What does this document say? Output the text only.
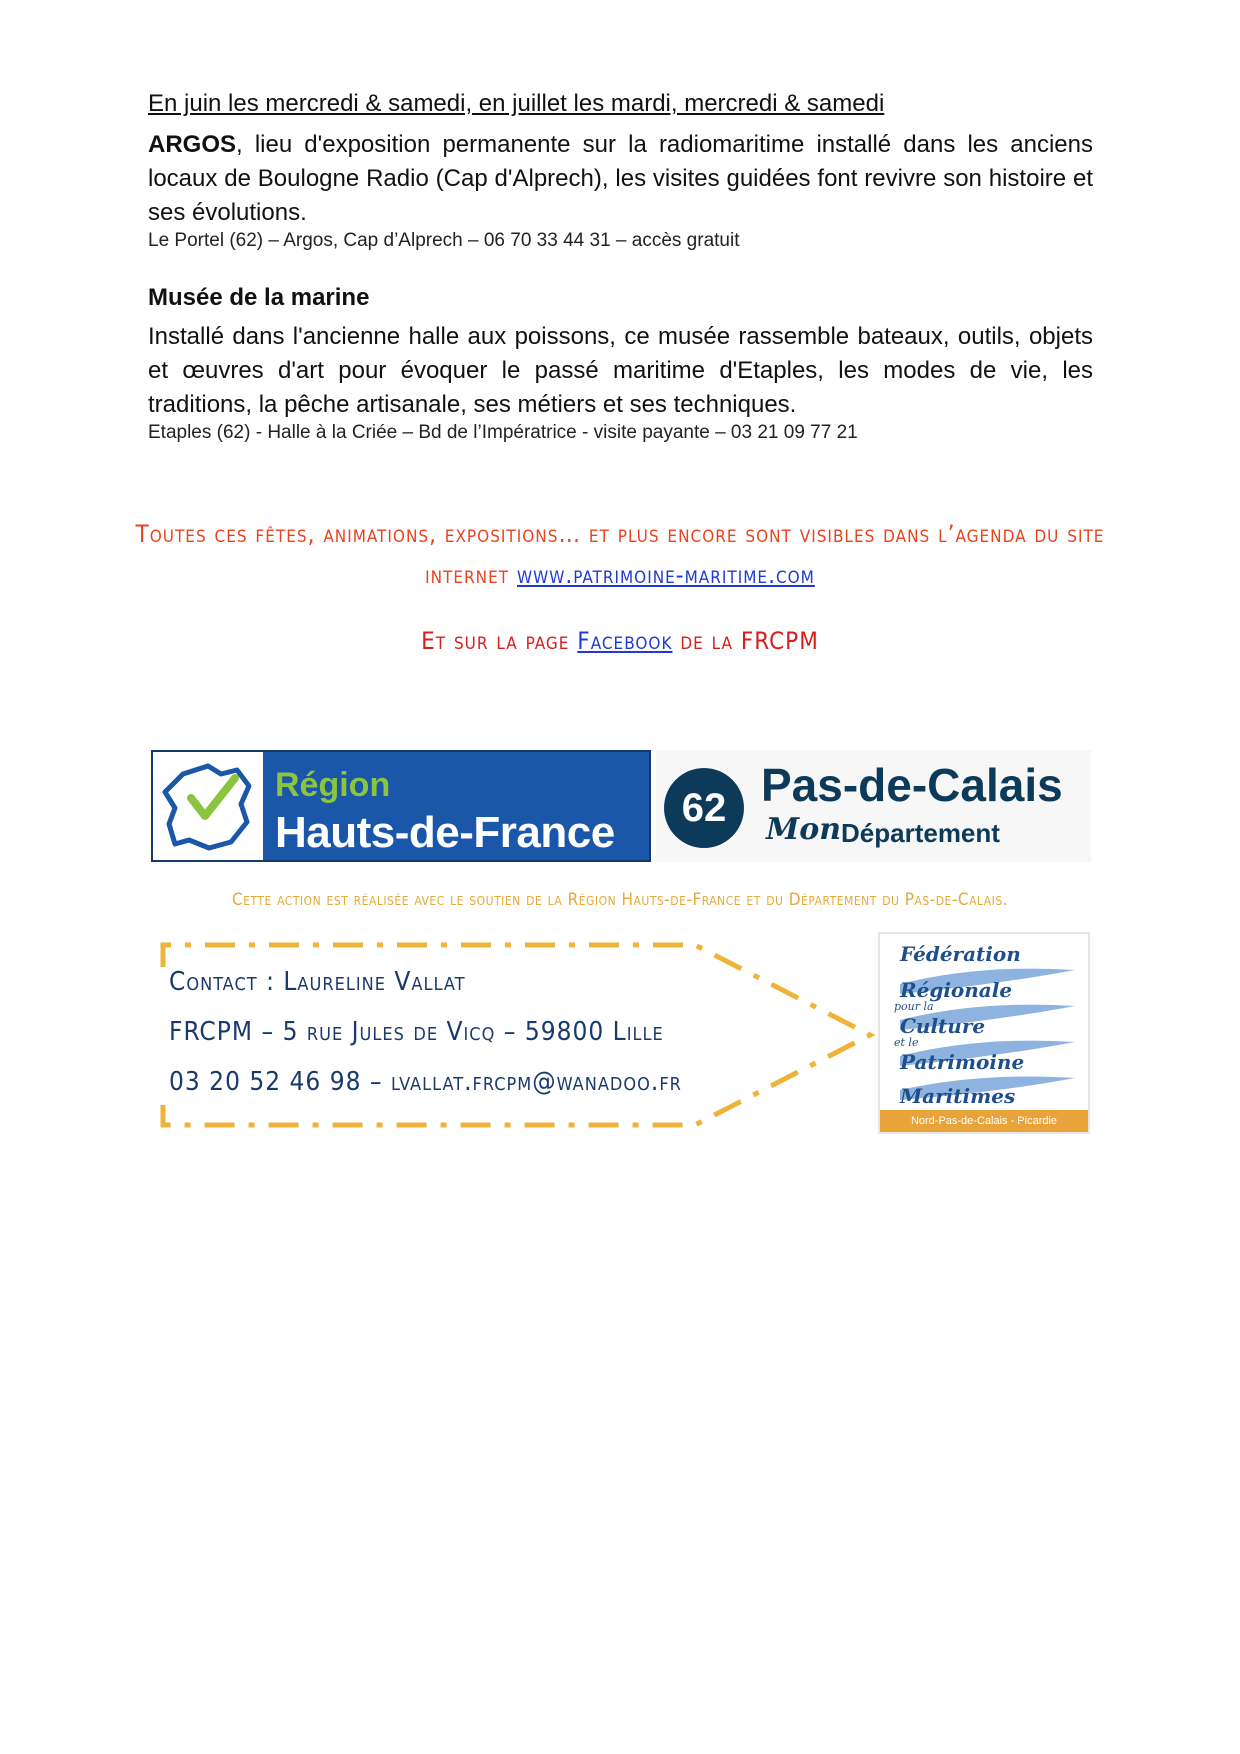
En juin les mercredi & samedi, en juillet les mardi, mercredi & samedi
ARGOS, lieu d'exposition permanente sur la radiomaritime installé dans les anciens locaux de Boulogne Radio (Cap d'Alprech), les visites guidées font revivre son histoire et ses évolutions.
Le Portel (62) – Argos, Cap d’Alprech – 06 70 33 44 31 – accès gratuit
Musée de la marine
Installé dans l'ancienne halle aux poissons, ce musée rassemble bateaux, outils, objets et œuvres d'art pour évoquer le passé maritime d'Etaples, les modes de vie, les traditions, la pêche artisanale, ses métiers et ses techniques.
Etaples (62) - Halle à la Criée – Bd de l’Impératrice - visite payante – 03 21 09 77 21
Toutes ces fêtes, animations, expositions… et plus encore sont visibles dans l’agenda du site
internet www.patrimoine-maritime.com
Et sur la page Facebook de la FRCPM
Région
Hauts-de-France
62 Pas-de-Calais
Mon Département
Cette action est réalisée avec le soutien de la Région Hauts-de-France et du Département du Pas-de-Calais.
Contact : Laureline Vallat
FRCPM – 5 rue Jules de Vicq – 59800 Lille
03 20 52 46 98 – lvallat.frcpm@wanadoo.fr
Fédération
Régionale
pour la
Culture
et le
Patrimoine
Maritimes
Nord-Pas-de-Calais - Picardie
